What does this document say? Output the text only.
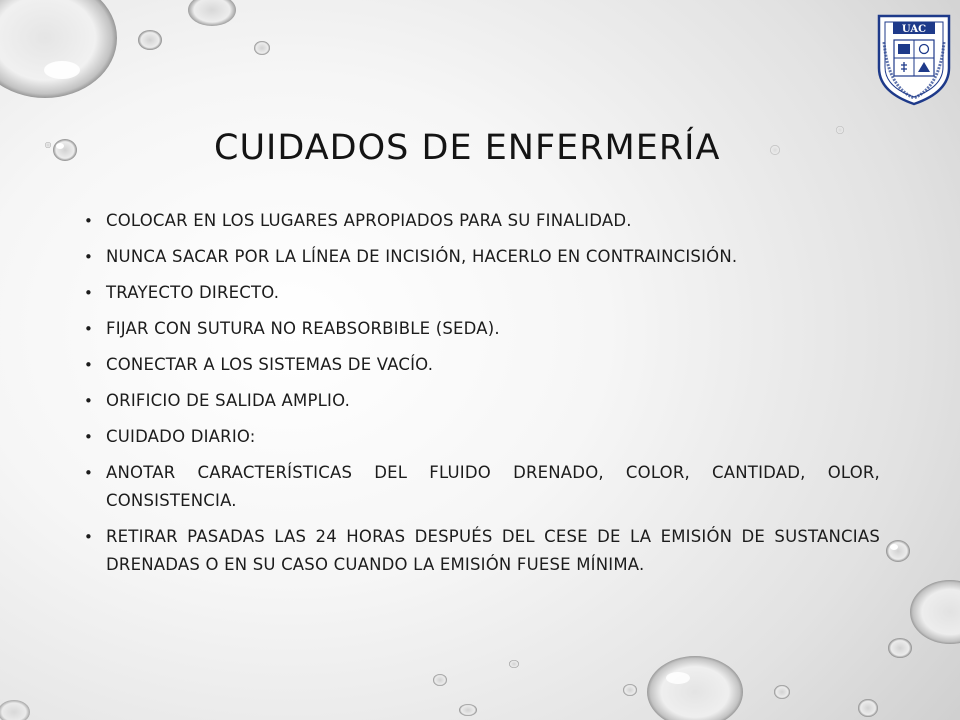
UAC
CUIDADOS DE ENFERMERÍA
• COLOCAR EN LOS LUGARES APROPIADOS PARA SU FINALIDAD.
• NUNCA SACAR POR LA LÍNEA DE INCISIÓN, HACERLO EN CONTRAINCISIÓN.
• TRAYECTO DIRECTO.
• FIJAR CON SUTURA NO REABSORBIBLE (SEDA).
• CONECTAR A LOS SISTEMAS DE VACÍO.
• ORIFICIO DE SALIDA AMPLIO.
• CUIDADO DIARIO:
• ANOTAR CARACTERÍSTICAS DEL FLUIDO DRENADO, COLOR, CANTIDAD, OLOR, CONSISTENCIA.
• RETIRAR PASADAS LAS 24 HORAS DESPUÉS DEL CESE DE LA EMISIÓN DE SUSTANCIAS DRENADAS O EN SU CASO CUANDO LA EMISIÓN FUESE MÍNIMA.
